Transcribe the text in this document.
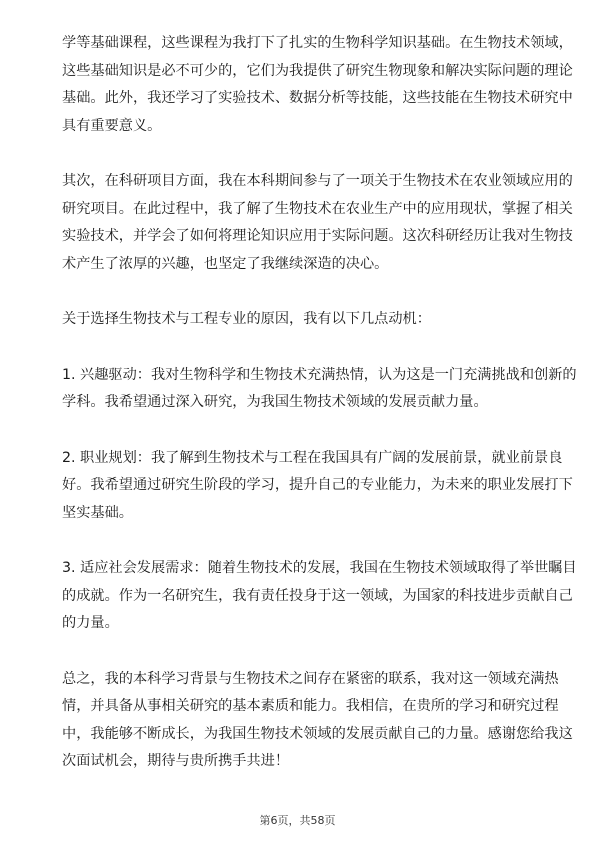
学等基础课程，这些课程为我打下了扎实的生物科学知识基础。在生物技术领域，
这些基础知识是必不可少的，它们为我提供了研究生物现象和解决实际问题的理论
基础。此外，我还学习了实验技术、数据分析等技能，这些技能在生物技术研究中
具有重要意义。

其次，在科研项目方面，我在本科期间参与了一项关于生物技术在农业领域应用的
研究项目。在此过程中，我了解了生物技术在农业生产中的应用现状，掌握了相关
实验技术，并学会了如何将理论知识应用于实际问题。这次科研经历让我对生物技
术产生了浓厚的兴趣，也坚定了我继续深造的决心。

关于选择生物技术与工程专业的原因，我有以下几点动机：

1. 兴趣驱动：我对生物科学和生物技术充满热情，认为这是一门充满挑战和创新的
学科。我希望通过深入研究，为我国生物技术领域的发展贡献力量。

2. 职业规划：我了解到生物技术与工程在我国具有广阔的发展前景，就业前景良
好。我希望通过研究生阶段的学习，提升自己的专业能力，为未来的职业发展打下
坚实基础。

3. 适应社会发展需求：随着生物技术的发展，我国在生物技术领域取得了举世瞩目
的成就。作为一名研究生，我有责任投身于这一领域，为国家的科技进步贡献自己
的力量。

总之，我的本科学习背景与生物技术之间存在紧密的联系，我对这一领域充满热
情，并具备从事相关研究的基本素质和能力。我相信，在贵所的学习和研究过程
中，我能够不断成长，为我国生物技术领域的发展贡献自己的力量。感谢您给我这
次面试机会，期待与贵所携手共进！

第6页，共58页
